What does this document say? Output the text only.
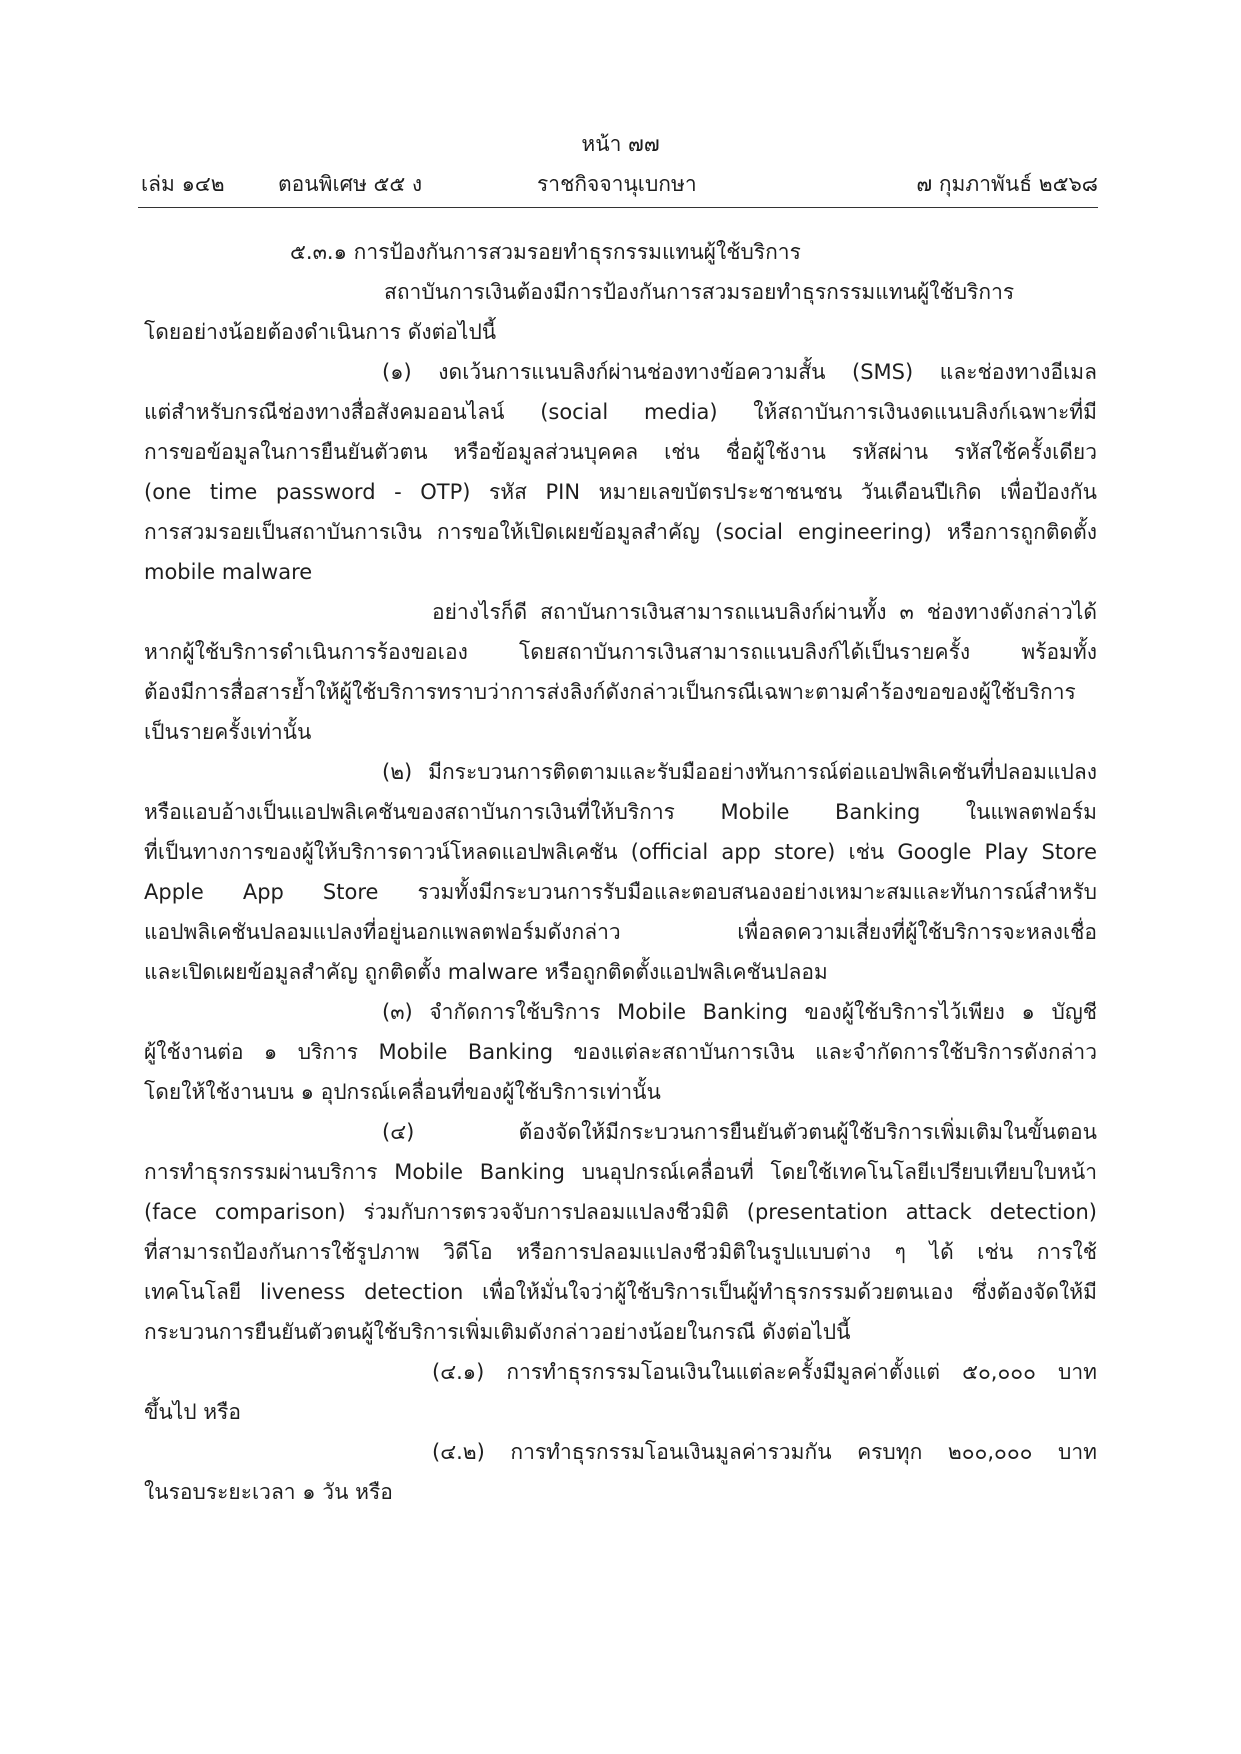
หน้า ๗๗
เล่ม ๑๔๒	ตอนพิเศษ ๕๕ ง	ราชกิจจานุเบกษา	๗ กุมภาพันธ์ ๒๕๖๘
๕.๓.๑ การป้องกันการสวมรอยทำธุรกรรมแทนผู้ใช้บริการ
สถาบันการเงินต้องมีการป้องกันการสวมรอยทำธุรกรรมแทนผู้ใช้บริการ
โดยอย่างน้อยต้องดำเนินการ ดังต่อไปนี้
(๑) งดเว้นการแนบลิงก์ผ่านช่องทางข้อความสั้น (SMS) และช่องทางอีเมล
แต่สำหรับกรณีช่องทางสื่อสังคมออนไลน์ (social media) ให้สถาบันการเงินงดแนบลิงก์เฉพาะที่มี
การขอข้อมูลในการยืนยันตัวตน หรือข้อมูลส่วนบุคคล เช่น ชื่อผู้ใช้งาน รหัสผ่าน รหัสใช้ครั้งเดียว
(one time password - OTP) รหัส PIN หมายเลขบัตรประชาชนชน วันเดือนปีเกิด เพื่อป้องกัน
การสวมรอยเป็นสถาบันการเงิน การขอให้เปิดเผยข้อมูลสำคัญ (social engineering) หรือการถูกติดตั้ง
mobile malware
อย่างไรก็ดี สถาบันการเงินสามารถแนบลิงก์ผ่านทั้ง ๓ ช่องทางดังกล่าวได้
หากผู้ใช้บริการดำเนินการร้องขอเอง โดยสถาบันการเงินสามารถแนบลิงก์ได้เป็นรายครั้ง พร้อมทั้ง
ต้องมีการสื่อสารย้ำให้ผู้ใช้บริการทราบว่าการส่งลิงก์ดังกล่าวเป็นกรณีเฉพาะตามคำร้องขอของผู้ใช้บริการ
เป็นรายครั้งเท่านั้น
(๒) มีกระบวนการติดตามและรับมืออย่างทันการณ์ต่อแอปพลิเคชันที่ปลอมแปลง
หรือแอบอ้างเป็นแอปพลิเคชันของสถาบันการเงินที่ให้บริการ Mobile Banking ในแพลตฟอร์ม
ที่เป็นทางการของผู้ให้บริการดาวน์โหลดแอปพลิเคชัน (official app store) เช่น Google Play Store
Apple App Store รวมทั้งมีกระบวนการรับมือและตอบสนองอย่างเหมาะสมและทันการณ์สำหรับ
แอปพลิเคชันปลอมแปลงที่อยู่นอกแพลตฟอร์มดังกล่าว เพื่อลดความเสี่ยงที่ผู้ใช้บริการจะหลงเชื่อ
และเปิดเผยข้อมูลสำคัญ ถูกติดตั้ง malware หรือถูกติดตั้งแอปพลิเคชันปลอม
(๓) จำกัดการใช้บริการ Mobile Banking ของผู้ใช้บริการไว้เพียง ๑ บัญชี
ผู้ใช้งานต่อ ๑ บริการ Mobile Banking ของแต่ละสถาบันการเงิน และจำกัดการใช้บริการดังกล่าว
โดยให้ใช้งานบน ๑ อุปกรณ์เคลื่อนที่ของผู้ใช้บริการเท่านั้น
(๔) ต้องจัดให้มีกระบวนการยืนยันตัวตนผู้ใช้บริการเพิ่มเติมในขั้นตอน
การทำธุรกรรมผ่านบริการ Mobile Banking บนอุปกรณ์เคลื่อนที่ โดยใช้เทคโนโลยีเปรียบเทียบใบหน้า
(face comparison) ร่วมกับการตรวจจับการปลอมแปลงชีวมิติ (presentation attack detection)
ที่สามารถป้องกันการใช้รูปภาพ วิดีโอ หรือการปลอมแปลงชีวมิติในรูปแบบต่าง ๆ ได้ เช่น การใช้
เทคโนโลยี liveness detection เพื่อให้มั่นใจว่าผู้ใช้บริการเป็นผู้ทำธุรกรรมด้วยตนเอง ซึ่งต้องจัดให้มี
กระบวนการยืนยันตัวตนผู้ใช้บริการเพิ่มเติมดังกล่าวอย่างน้อยในกรณี ดังต่อไปนี้
(๔.๑) การทำธุรกรรมโอนเงินในแต่ละครั้งมีมูลค่าตั้งแต่ ๕๐,๐๐๐ บาท
ขึ้นไป หรือ
(๔.๒) การทำธุรกรรมโอนเงินมูลค่ารวมกัน ครบทุก ๒๐๐,๐๐๐ บาท
ในรอบระยะเวลา ๑ วัน หรือ
